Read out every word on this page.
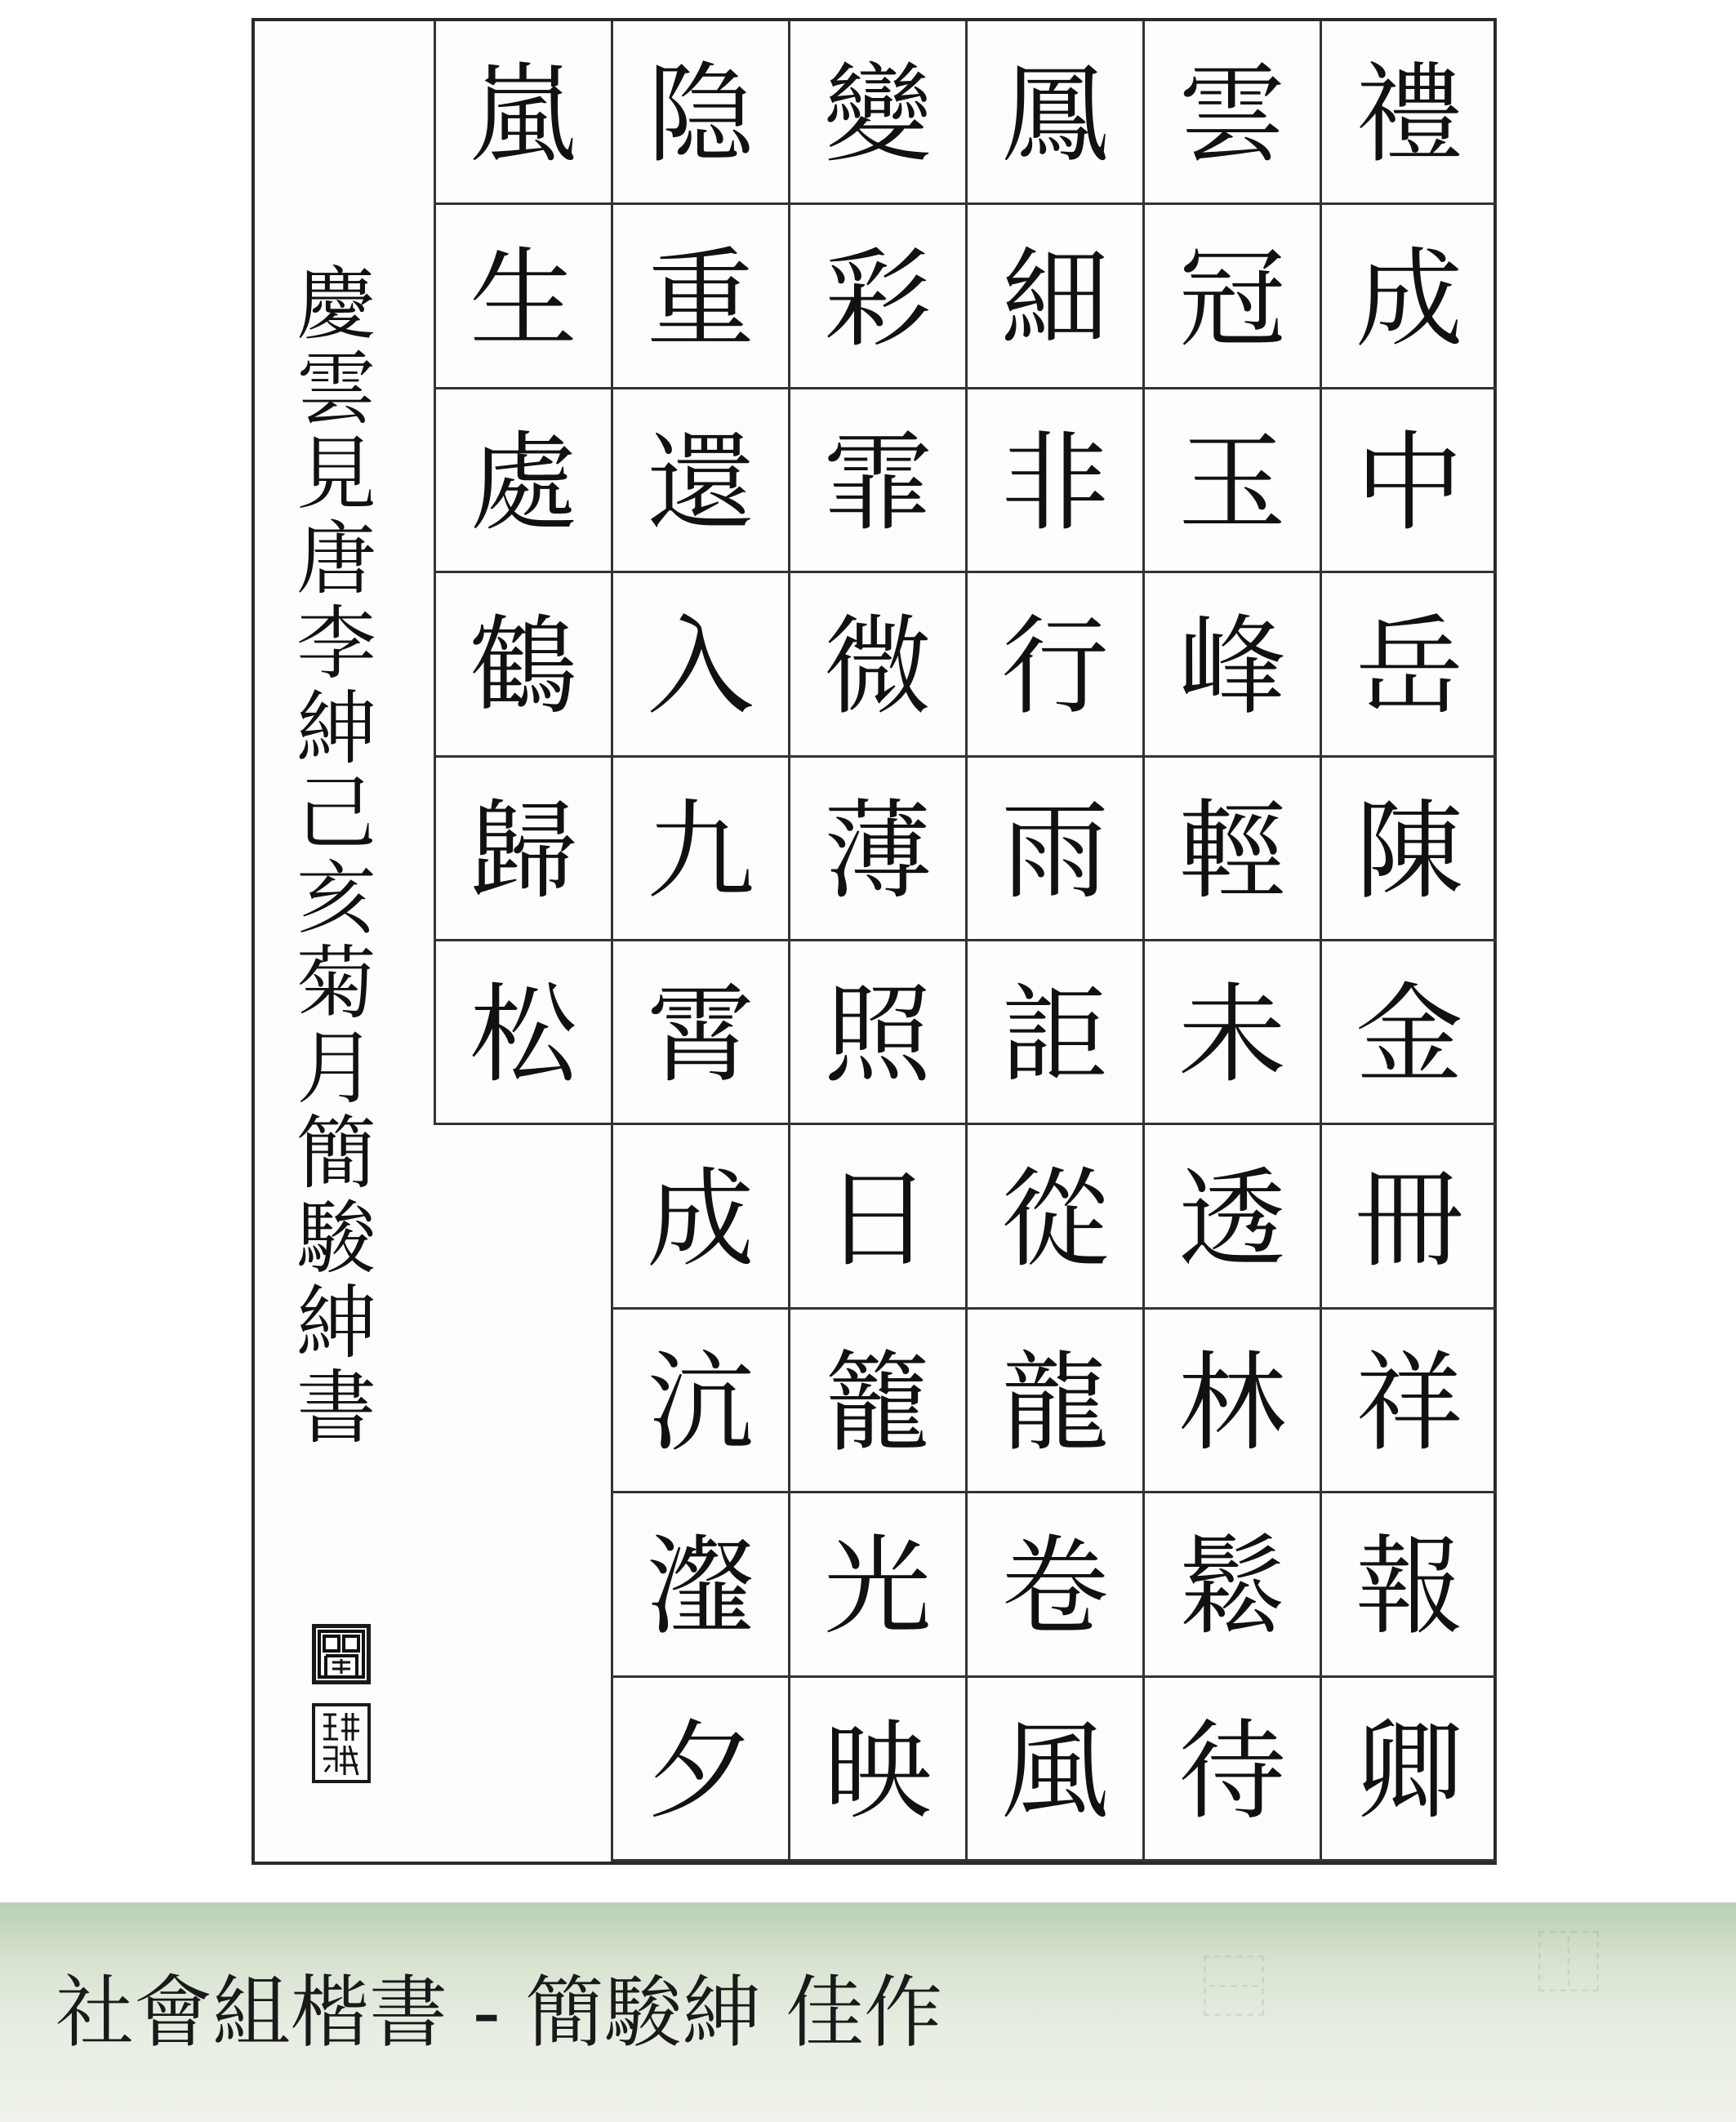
慶
雲
見
唐
李
紳
己
亥
菊
月
簡
駿
紳
書
禮
成
中
岳
陳
金
冊
祥
報
卿
雲
冠
玉
峰
輕
未
透
林
鬆
待
鳳
細
非
行
雨
詎
從
龍
卷
風
變
彩
霏
微
薄
照
日
籠
光
映
隐
重
還
入
九
霄
成
沆
瀣
夕
嵐
生
處
鶴
歸
松
⿱	⿰
社會組楷書 - 簡駿紳 佳作
